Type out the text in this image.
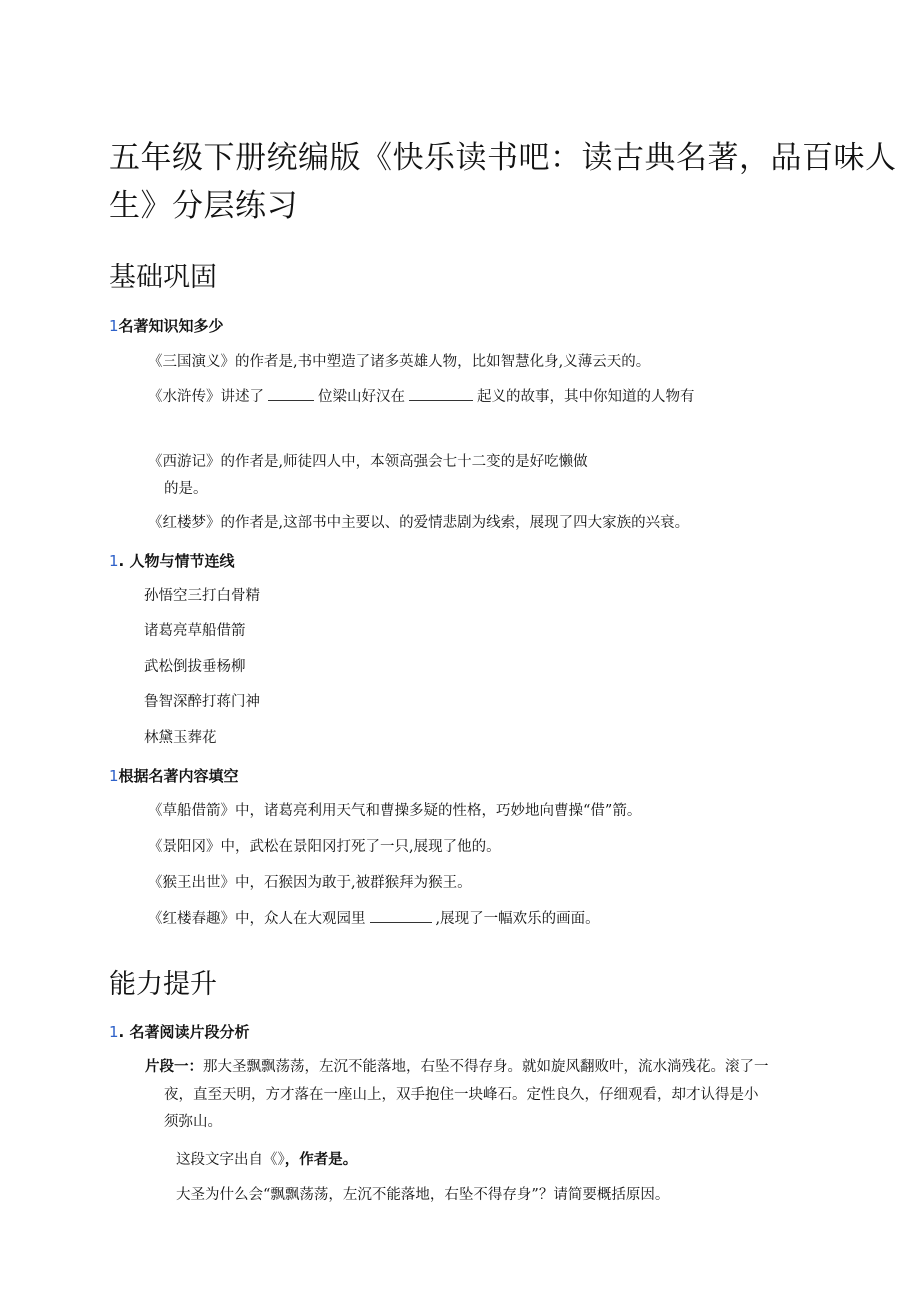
五年级下册统编版《快乐读书吧：读古典名著，品百味人
生》分层练习
基础巩固
1名著知识知多少
《三国演义》的作者是,书中塑造了诸多英雄人物，比如智慧化身,义薄云天的。
《水浒传》讲述了	位梁山好汉在	起义的故事，其中你知道的人物有
《西游记》的作者是,师徒四人中，本领高强会七十二变的是好吃懒做
的是。
《红楼梦》的作者是,这部书中主要以、的爱情悲剧为线索，展现了四大家族的兴衰。
1. 人物与情节连线
孙悟空三打白骨精
诸葛亮草船借箭
武松倒拔垂杨柳
鲁智深醉打蒋门神
林黛玉葬花
1根据名著内容填空
《草船借箭》中，诸葛亮利用天气和曹操多疑的性格，巧妙地向曹操“借”箭。
《景阳冈》中，武松在景阳冈打死了一只,展现了他的。
《猴王出世》中，石猴因为敢于,被群猴拜为猴王。
《红楼春趣》中，众人在大观园里	,展现了一幅欢乐的画面。
能力提升
1. 名著阅读片段分析
片段一：那大圣飘飘荡荡，左沉不能落地，右坠不得存身。就如旋风翻败叶，流水淌残花。滚了一
夜，直至天明，方才落在一座山上，双手抱住一块峰石。定性良久，仔细观看，却才认得是小
须弥山。
这段文字出自《》，作者是。
大圣为什么会“飘飘荡荡，左沉不能落地，右坠不得存身”？请简要概括原因。
